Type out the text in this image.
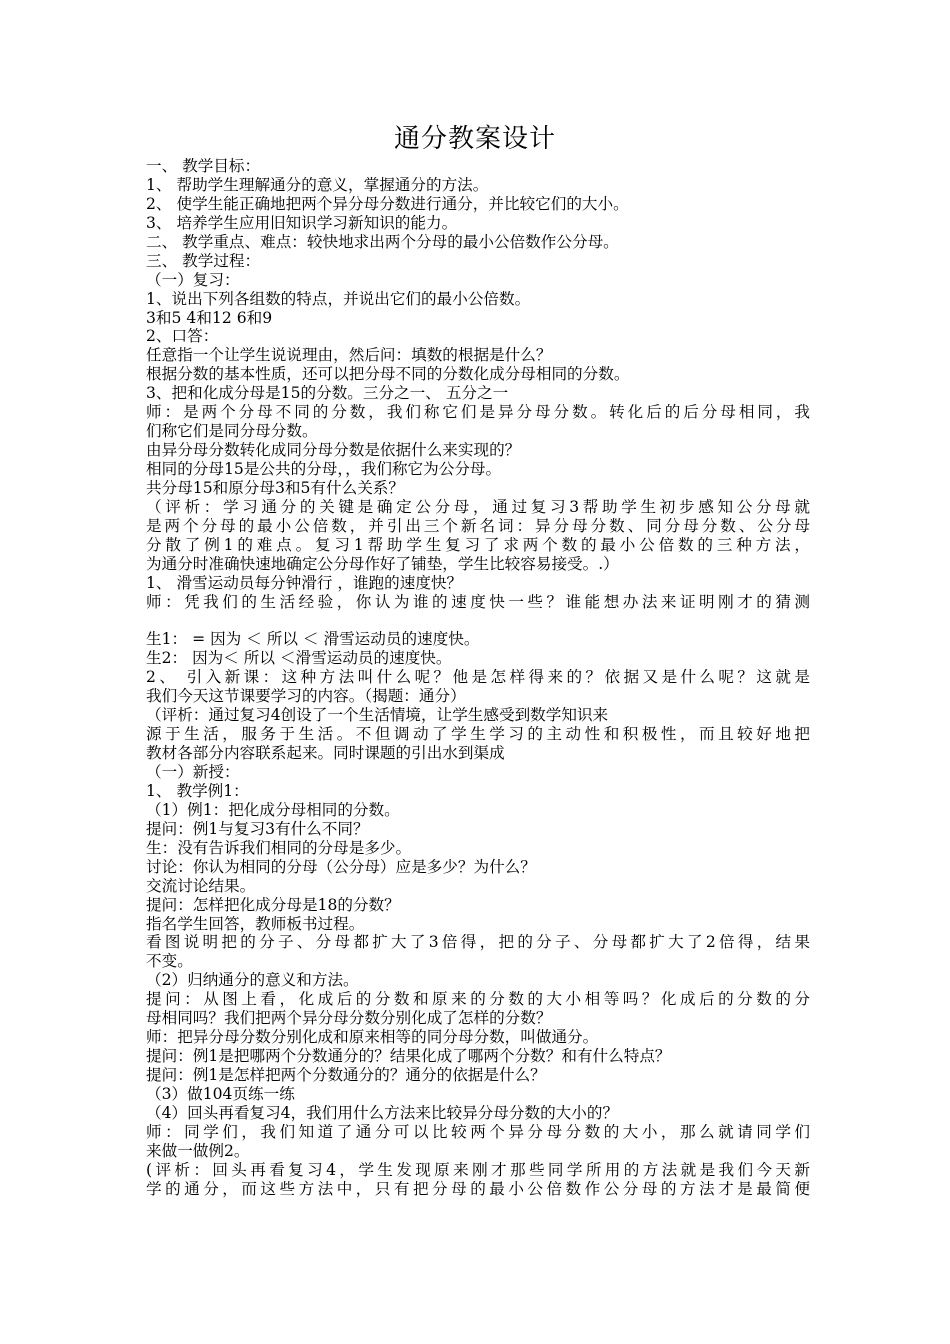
通分教案设计
一、 教学目标：
1、 帮助学生理解通分的意义，掌握通分的方法。
2、 使学生能正确地把两个异分母分数进行通分，并比较它们的大小。
3、 培养学生应用旧知识学习新知识的能力。
二、 教学重点、难点：较快地求出两个分母的最小公倍数作公分母。
三、 教学过程：
（一）复习：
1、说出下列各组数的特点，并说出它们的最小公倍数。
3和5 4和12 6和9
2、口答：
任意指一个让学生说说理由，然后问：填数的根据是什么？
根据分数的基本性质，还可以把分母不同的分数化成分母相同的分数。
3、把和化成分母是15的分数。三分之一、 五分之一
师：是两个分母不同的分数，我们称它们是异分母分数。转化后的后分母相同，我
们称它们是同分母分数。
由异分母分数转化成同分母分数是依据什么来实现的？
相同的分母15是公共的分母，，我们称它为公分母。
共分母15和原分母3和5有什么关系？
（评析：学习通分的关键是确定公分母，通过复习3帮助学生初步感知公分母就
是两个分母的最小公倍数，并引出三个新名词：异分母分数、同分母分数、公分母
分散了例1的难点。复习1帮助学生复习了求两个数的最小公倍数的三种方法，
为通分时准确快速地确定公分母作好了铺垫，学生比较容易接受。.）
1、 滑雪运动员每分钟滑行 ，谁跑的速度快？
师：凭我们的生活经验，你认为谁的速度快一些？谁能想办法来证明刚才的猜测
生1： = 因为 ＜ 所以 ＜ 滑雪运动员的速度快。
生2： 因为＜ 所以 ＜滑雪运动员的速度快。
2、 引入新课：这种方法叫什么呢？他是怎样得来的？依据又是什么呢？这就是
我们今天这节课要学习的内容。（揭题：通分）
（评析：通过复习4创设了一个生活情境，让学生感受到数学知识来
源于生活，服务于生活。不但调动了学生学习的主动性和积极性，而且较好地把
教材各部分内容联系起来。同时课题的引出水到渠成
（一）新授：
1、 教学例1：
（1）例1：把化成分母相同的分数。
提问：例1与复习3有什么不同？
生：没有告诉我们相同的分母是多少。
讨论：你认为相同的分母（公分母）应是多少？为什么？
交流讨论结果。
提问：怎样把化成分母是18的分数？
指名学生回答，教师板书过程。
看图说明把的分子、分母都扩大了3倍得，把的分子、分母都扩大了2倍得，结果
不变。
（2）归纳通分的意义和方法。
提问：从图上看，化成后的分数和原来的分数的大小相等吗？化成后的分数的分
母相同吗？我们把两个异分母分数分别化成了怎样的分数？
师：把异分母分数分别化成和原来相等的同分母分数，叫做通分。
提问：例1是把哪两个分数通分的？结果化成了哪两个分数？和有什么特点？
提问：例1是怎样把两个分数通分的？通分的依据是什么？
（3）做104页练一练
（4）回头再看复习4，我们用什么方法来比较异分母分数的大小的？
师：同学们，我们知道了通分可以比较两个异分母分数的大小，那么就请同学们
来做一做例2。
(评析：回头再看复习4，学生发现原来刚才那些同学所用的方法就是我们今天新
学的通分，而这些方法中，只有把分母的最小公倍数作公分母的方法才是最简便
